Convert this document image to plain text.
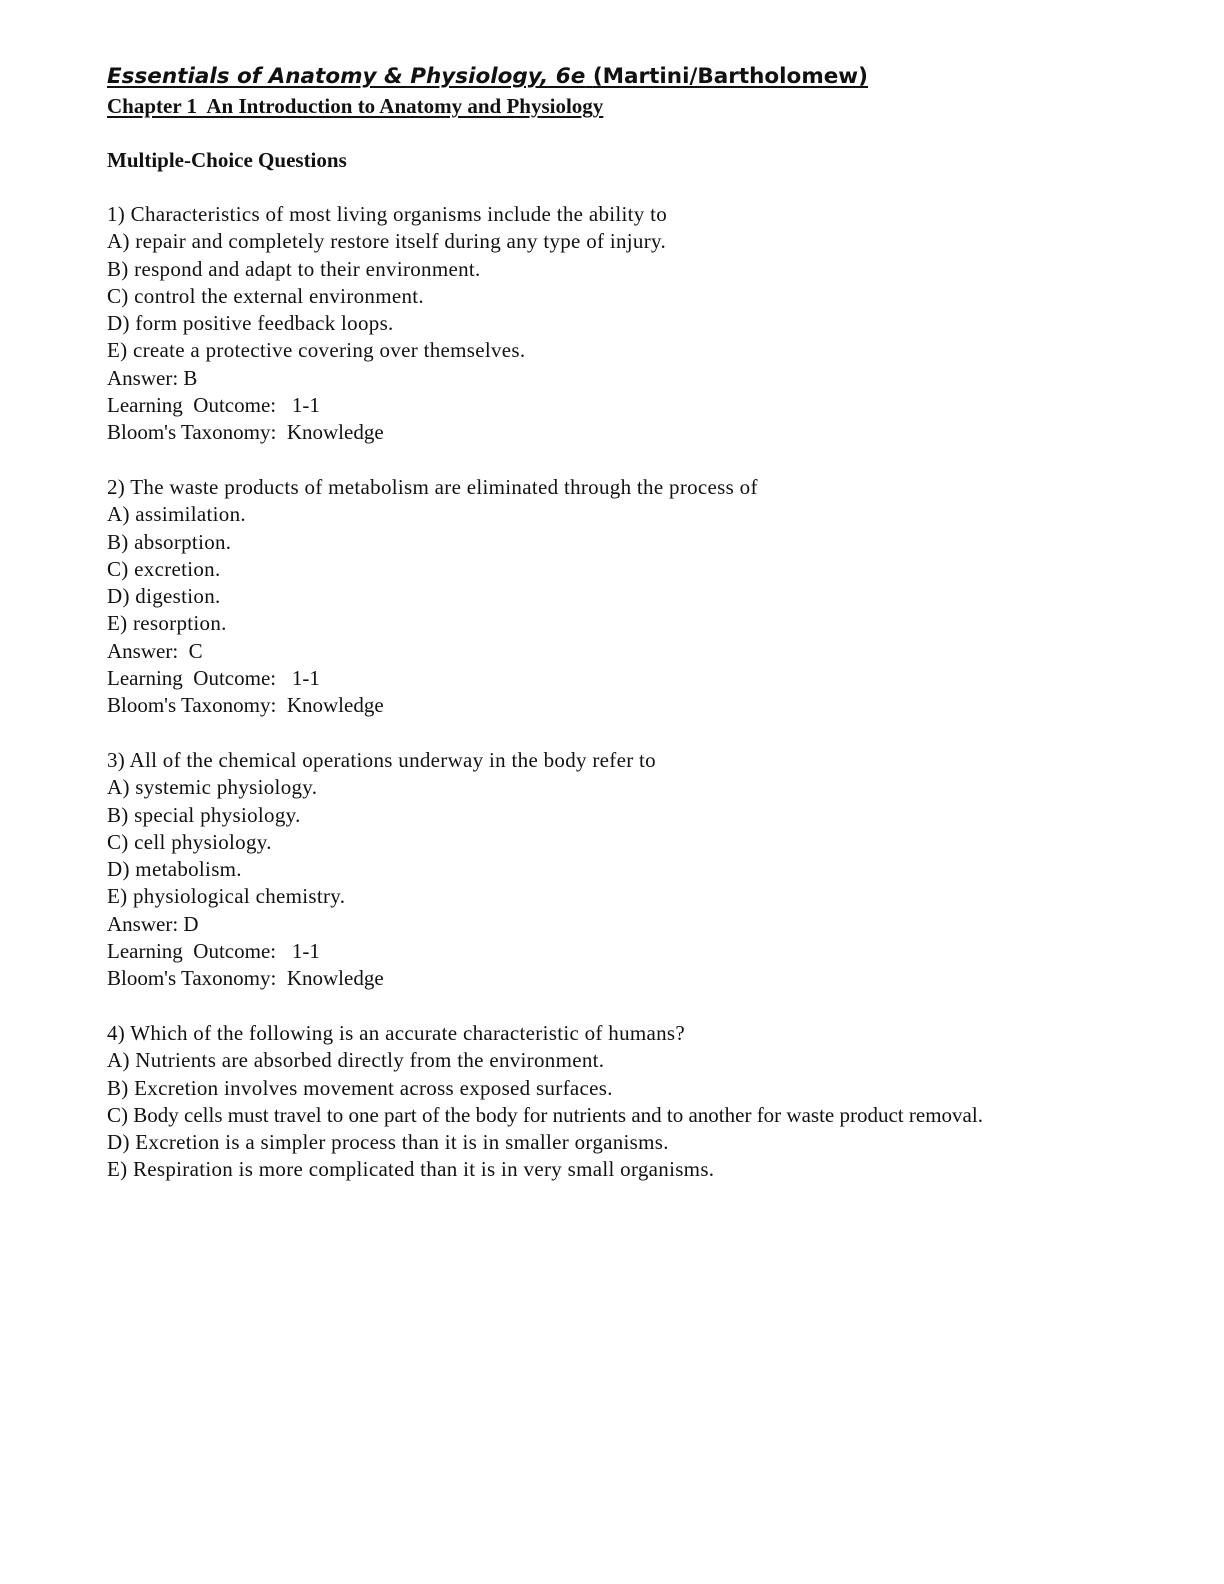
Essentials of Anatomy & Physiology, 6e (Martini/Bartholomew)
Chapter 1  An Introduction to Anatomy and Physiology
Multiple-Choice Questions
1) Characteristics of most living organisms include the ability to
A) repair and completely restore itself during any type of injury.
B) respond and adapt to their environment.
C) control the external environment.
D) form positive feedback loops.
E) create a protective covering over themselves.
Answer: B
Learning  Outcome:   1-1
Bloom's Taxonomy:  Knowledge
2) The waste products of metabolism are eliminated through the process of
A) assimilation.
B) absorption.
C) excretion.
D) digestion.
E) resorption.
Answer:  C
Learning  Outcome:   1-1
Bloom's Taxonomy:  Knowledge
3) All of the chemical operations underway in the body refer to
A) systemic physiology.
B) special physiology.
C) cell physiology.
D) metabolism.
E) physiological chemistry.
Answer: D
Learning  Outcome:   1-1
Bloom's Taxonomy:  Knowledge
4) Which of the following is an accurate characteristic of humans?
A) Nutrients are absorbed directly from the environment.
B) Excretion involves movement across exposed surfaces.
C) Body cells must travel to one part of the body for nutrients and to another for waste product removal.
D) Excretion is a simpler process than it is in smaller organisms.
E) Respiration is more complicated than it is in very small organisms.
